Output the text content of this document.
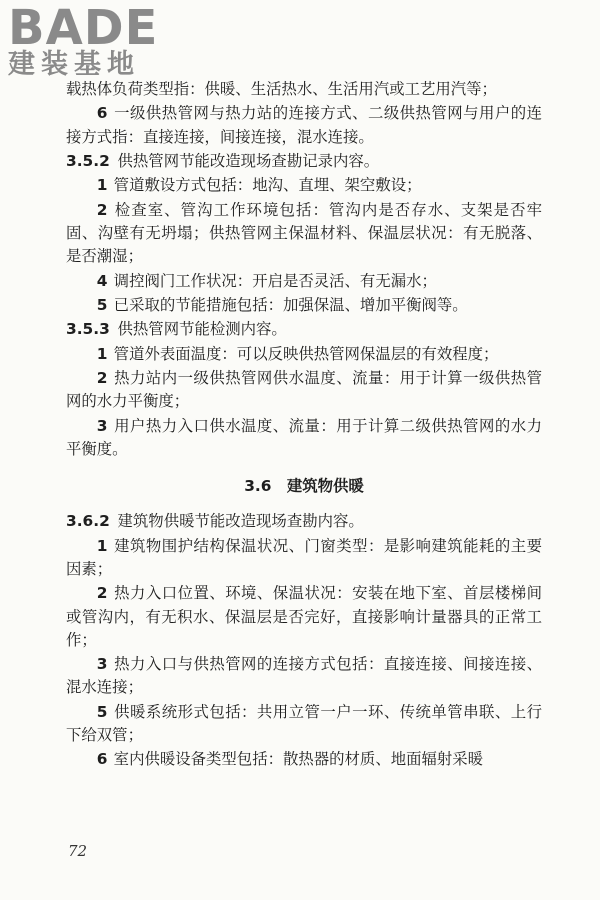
BADE
建装基地

载热体负荷类型指：供暖、生活热水、生活用汽或工艺用汽等；

6 一级供热管网与热力站的连接方式、二级供热管网与用户的连接方式指：直接连接，间接连接，混水连接。

3.5.2 供热管网节能改造现场查勘记录内容。

1 管道敷设方式包括：地沟、直埋、架空敷设；

2 检查室、管沟工作环境包括：管沟内是否存水、支架是否牢固、沟壁有无坍塌；供热管网主保温材料、保温层状况：有无脱落、是否潮湿；

4 调控阀门工作状况：开启是否灵活、有无漏水；

5 已采取的节能措施包括：加强保温、增加平衡阀等。

3.5.3 供热管网节能检测内容。

1 管道外表面温度：可以反映供热管网保温层的有效程度；

2 热力站内一级供热管网供水温度、流量：用于计算一级供热管网的水力平衡度；

3 用户热力入口供水温度、流量：用于计算二级供热管网的水力平衡度。

3.6 建筑物供暖

3.6.2 建筑物供暖节能改造现场查勘内容。

1 建筑物围护结构保温状况、门窗类型：是影响建筑能耗的主要因素；

2 热力入口位置、环境、保温状况：安装在地下室、首层楼梯间或管沟内，有无积水、保温层是否完好，直接影响计量器具的正常工作；

3 热力入口与供热管网的连接方式包括：直接连接、间接连接、混水连接；

5 供暖系统形式包括：共用立管一户一环、传统单管串联、上行下给双管；

6 室内供暖设备类型包括：散热器的材质、地面辐射采暖

72
